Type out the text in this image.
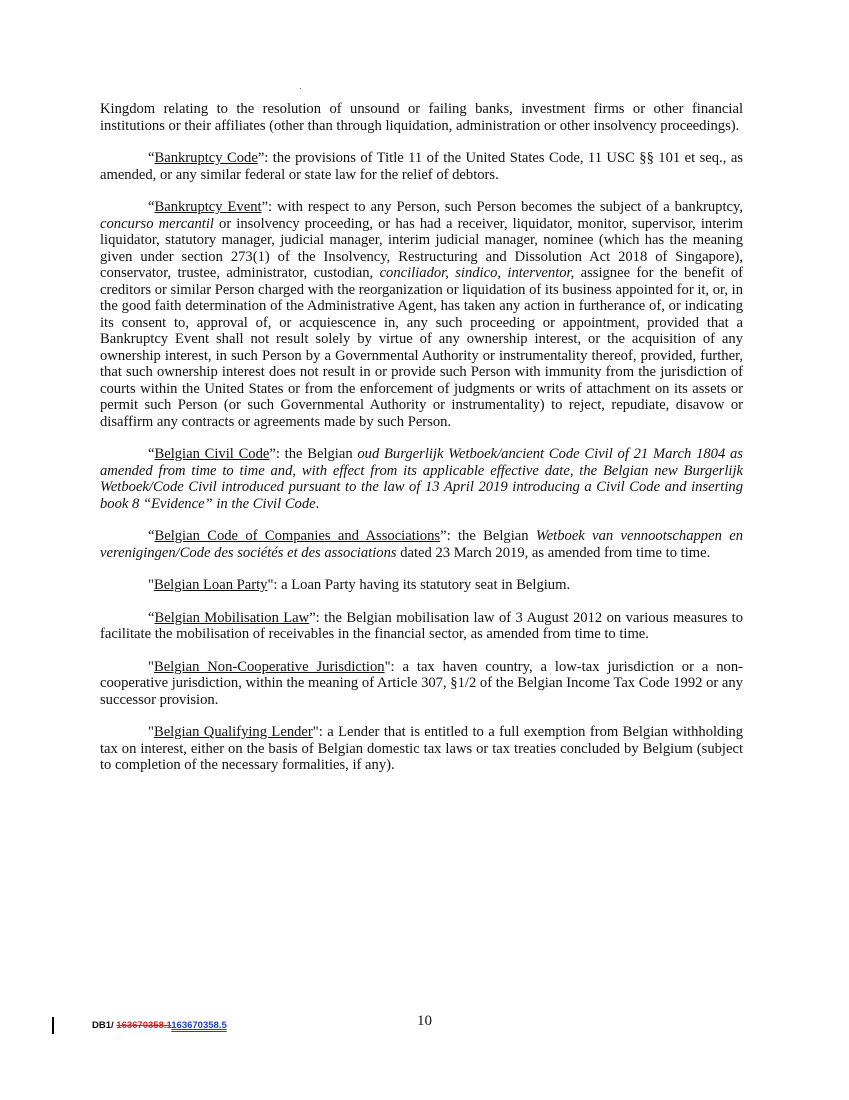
Kingdom relating to the resolution of unsound or failing banks, investment firms or other financial institutions or their affiliates (other than through liquidation, administration or other insolvency proceedings).

“Bankruptcy Code”: the provisions of Title 11 of the United States Code, 11 USC §§ 101 et seq., as amended, or any similar federal or state law for the relief of debtors.

“Bankruptcy Event”: with respect to any Person, such Person becomes the subject of a bankruptcy, concurso mercantil or insolvency proceeding, or has had a receiver, liquidator, monitor, supervisor, interim liquidator, statutory manager, judicial manager, interim judicial manager, nominee (which has the meaning given under section 273(1) of the Insolvency, Restructuring and Dissolution Act 2018 of Singapore), conservator, trustee, administrator, custodian, conciliador, sindico, interventor, assignee for the benefit of creditors or similar Person charged with the reorganization or liquidation of its business appointed for it, or, in the good faith determination of the Administrative Agent, has taken any action in furtherance of, or indicating its consent to, approval of, or acquiescence in, any such proceeding or appointment, provided that a Bankruptcy Event shall not result solely by virtue of any ownership interest, or the acquisition of any ownership interest, in such Person by a Governmental Authority or instrumentality thereof, provided, further, that such ownership interest does not result in or provide such Person with immunity from the jurisdiction of courts within the United States or from the enforcement of judgments or writs of attachment on its assets or permit such Person (or such Governmental Authority or instrumentality) to reject, repudiate, disavow or disaffirm any contracts or agreements made by such Person.

“Belgian Civil Code”: the Belgian oud Burgerlijk Wetboek/ancient Code Civil of 21 March 1804 as amended from time to time and, with effect from its applicable effective date, the Belgian new Burgerlijk Wetboek/Code Civil introduced pursuant to the law of 13 April 2019 introducing a Civil Code and inserting book 8 “Evidence” in the Civil Code.

“Belgian Code of Companies and Associations”: the Belgian Wetboek van vennootschappen en verenigingen/Code des sociétés et des associations dated 23 March 2019, as amended from time to time.

"Belgian Loan Party": a Loan Party having its statutory seat in Belgium.

“Belgian Mobilisation Law”: the Belgian mobilisation law of 3 August 2012 on various measures to facilitate the mobilisation of receivables in the financial sector, as amended from time to time.

"Belgian Non-Cooperative Jurisdiction": a tax haven country, a low-tax jurisdiction or a non-cooperative jurisdiction, within the meaning of Article 307, §1/2 of the Belgian Income Tax Code 1992 or any successor provision.

"Belgian Qualifying Lender": a Lender that is entitled to a full exemption from Belgian withholding tax on interest, either on the basis of Belgian domestic tax laws or tax treaties concluded by Belgium (subject to completion of the necessary formalities, if any).

DB1/ 163670358.1163670358.5	10
